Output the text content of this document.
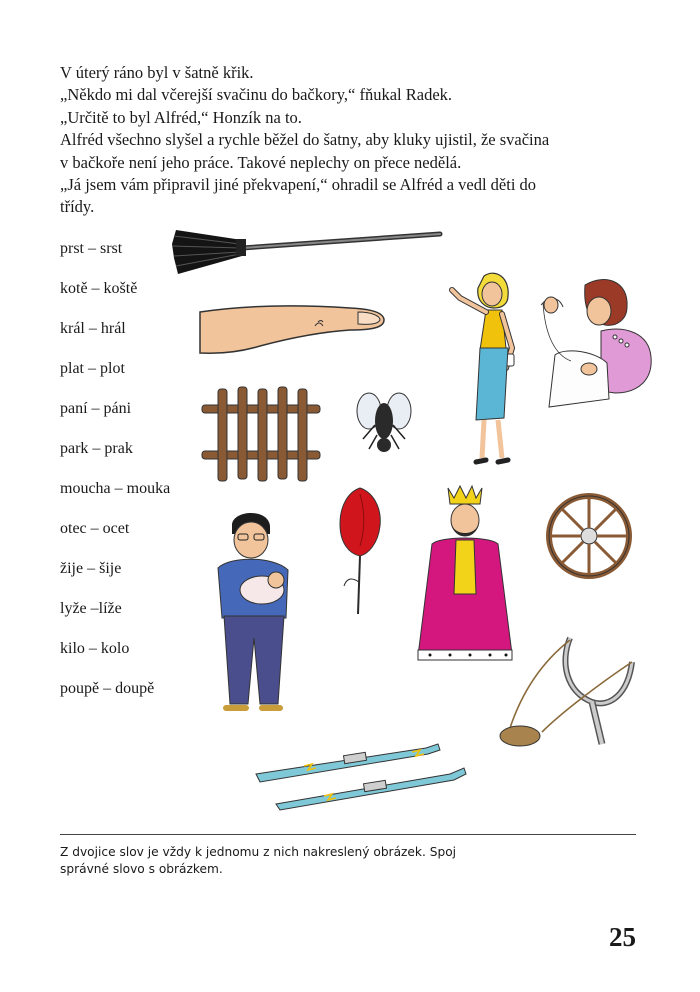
V úterý ráno byl v šatně křik.

„Někdo mi dal včerejší svačinu do bačkory,“ fňukal Radek.

„Určitě to byl Alfréd,“ Honzík na to.

Alfréd všechno slyšel a rychle běžel do šatny, aby kluky ujistil, že svačina

v bačkoře není jeho práce. Takové neplechy on přece nedělá.

„Já jsem vám připravil jiné překvapení,“ ohradil se Alfréd a vedl děti do

třídy.

prst – srst
kotě – koště
král – hrál
plat – plot
paní – páni
park – prak
moucha – mouka
otec – ocet
žije – šije
lyže –líže
kilo – kolo
poupě – doupě
Z dvojice slov je vždy k jednomu z nich nakreslený obrázek. Spoj správné slovo s obrázkem.
25
